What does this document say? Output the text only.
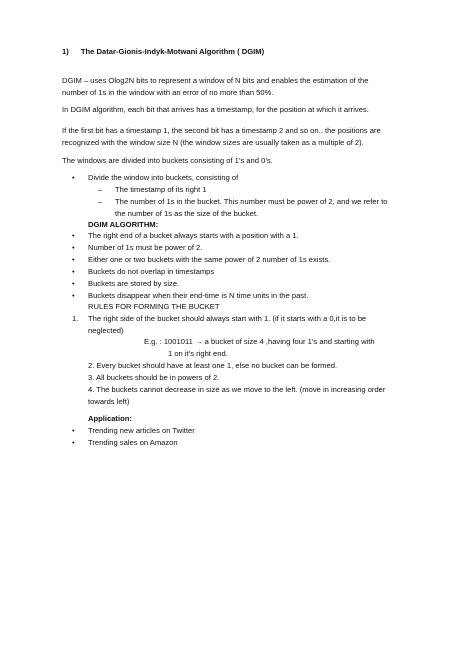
1) The Datar-Gionis-Indyk-Motwani Algorithm ( DGIM)
DGIM – uses Olog2N bits to represent a window of N bits and enables the estimation of the
number of 1s in the window with an error of no more than 50%.
In DGIM algorithm, each bit that arrives has a timestamp, for the position at which it arrives.
If the first bit has a timestamp 1, the second bit has a timestamp 2 and so on.. the positions are
recognized with the window size N (the window sizes are usually taken as a multiple of 2).
The windows are divided into buckets consisting of 1’s and 0’s.
• Divide the window into buckets, consisting of
– The timestamp of its right 1
– The number of 1s in the bucket. This number must be power of 2, and we refer to
the number of 1s as the size of the bucket.
DGIM ALGORITHM:
• The right end of a bucket always starts with a position with a 1.
• Number of 1s must be power of 2.
• Either one or two buckets with the same power of 2 number of 1s exists.
• Buckets do not overlap in timestamps
• Buckets are stored by size.
• Buckets disappear when their end-time is N time units in the past.
RULES FOR FORMING THE BUCKET
1. The right side of the bucket should always start with 1. (if it starts with a 0,it is to be
neglected)
E.g. : 1001011 → a bucket of size 4 ,having four 1’s and starting with
1 on it’s right end.
2. Every bucket should have at least one 1, else no bucket can be formed.
3. All buckets should be in powers of 2.
4. The buckets cannot decrease in size as we move to the left. (move in increasing order
towards left)
Application:
• Trending new articles on Twitter
• Trending sales on Amazon
